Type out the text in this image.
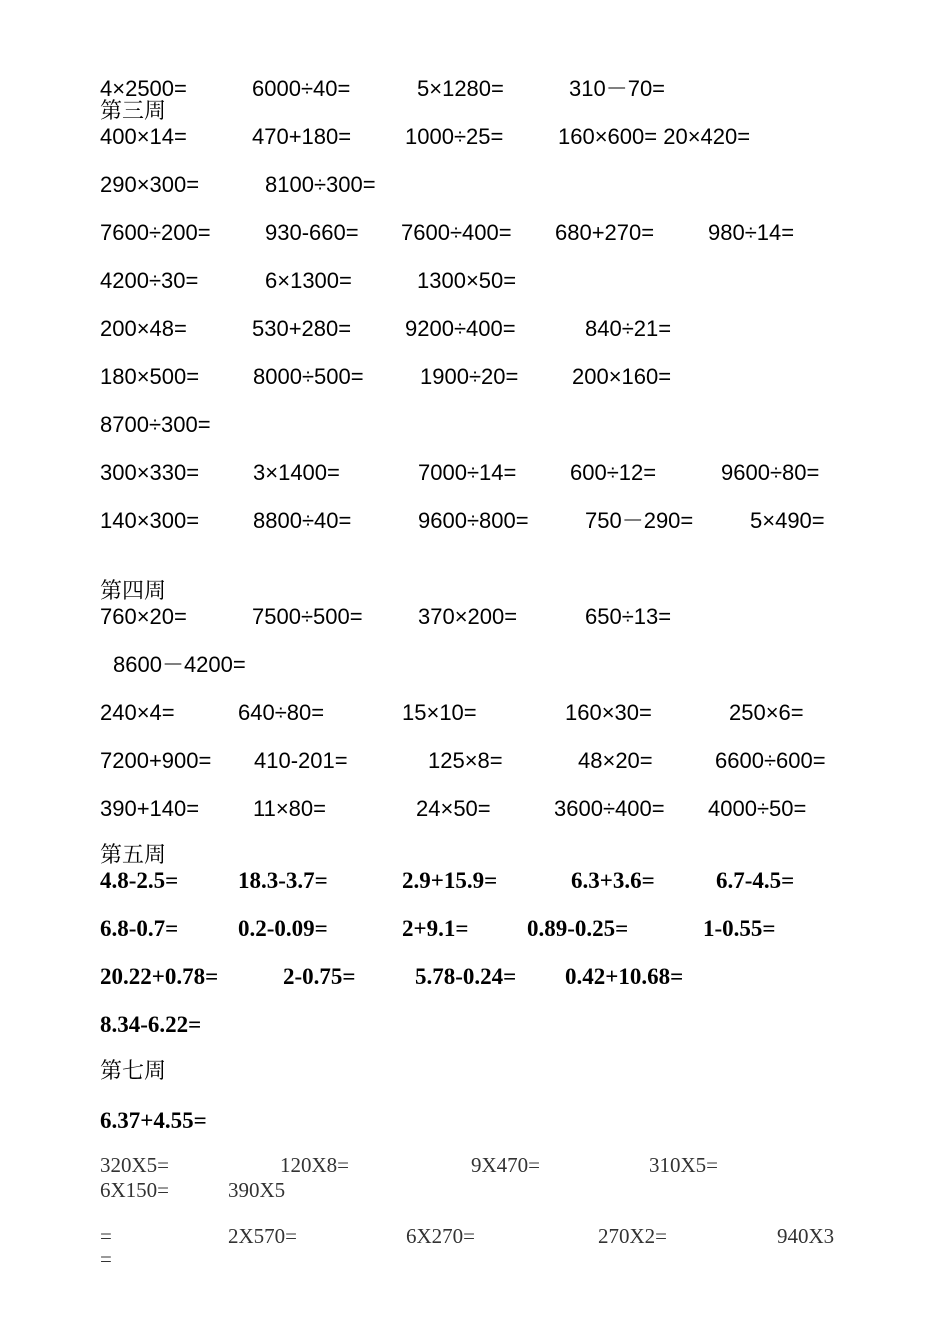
4×2500=	6000÷40=	5×1280=	310－70=
第三周
400×14=	470+180= 1000÷25= 160×600= 20×420=
290×300=	8100÷300=
7600÷200= 930-660= 7600÷400= 680+270= 980÷14=
4200÷30=	6×1300=	1300×50=
200×48=	530+280= 9200÷400=	840÷21=
180×500= 8000÷500=	1900÷20= 200×160=
8700÷300=
300×330= 3×1400=	7000÷14= 600÷12=	9600÷80=
140×300= 8800÷40=	9600÷800=	750－290=	5×490=
第四周
760×20=	7500÷500=	370×200=	650÷13=
8600－4200=
240×4=	640÷80=	15×10=	160×30=	250×6=
7200+900= 410-201=	125×8=	48×20=	6600÷600=
390+140= 11×80=	24×50=	3600÷400= 4000÷50=
第五周
4.8-2.5=	18.3-3.7=	2.9+15.9=	6.3+3.6=	6.7-4.5=
6.8-0.7=	0.2-0.09=	2+9.1=	0.89-0.25=	1-0.55=
20.22+0.78=	2-0.75=	5.78-0.24= 0.42+10.68=
8.34-6.22=
第七周
6.37+4.55=
320X5=	120X8=	9X470=	310X5=
6X150=	390X5
=	2X570=	6X270=	270X2=	940X3
=
